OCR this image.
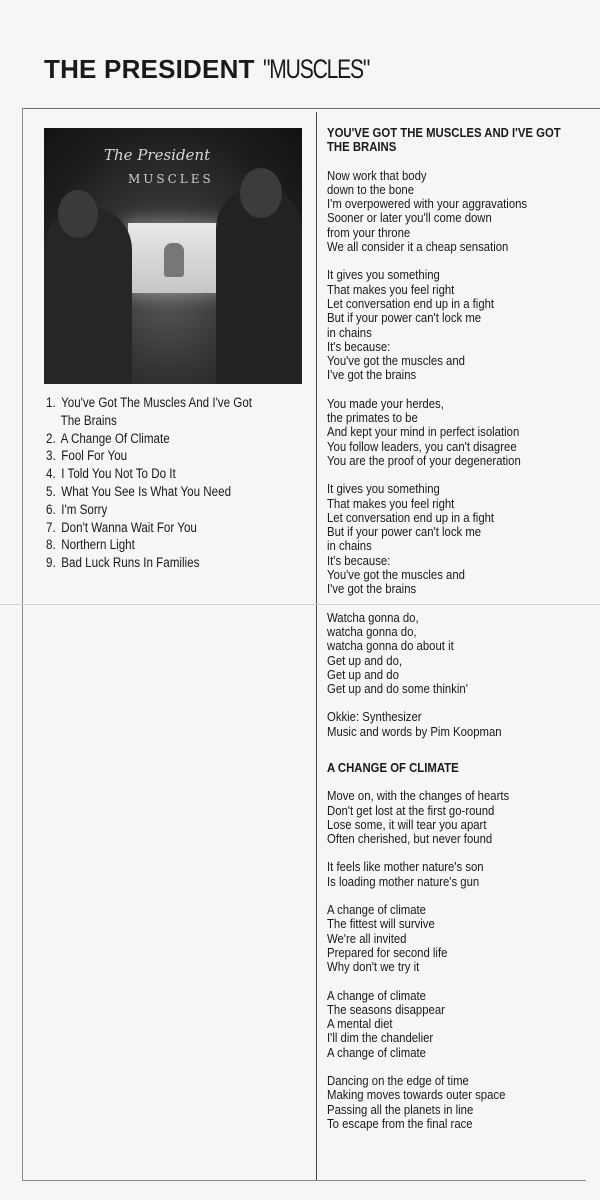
THE PRESIDENT "MUSCLES"
The President
MUSCLES
1. You've Got The Muscles And I've Got
The Brains
2. A Change Of Climate
3. Fool For You
4. I Told You Not To Do It
5. What You See Is What You Need
6. I'm Sorry
7. Don't Wanna Wait For You
8. Northern Light
9. Bad Luck Runs In Families
YOU'VE GOT THE MUSCLES AND I'VE GOT
THE BRAINS
Now work that body
down to the bone
I'm overpowered with your aggravations
Sooner or later you'll come down
from your throne
We all consider it a cheap sensation
It gives you something
That makes you feel right
Let conversation end up in a fight
But if your power can't lock me
in chains
It's because:
You've got the muscles and
I've got the brains
You made your herdes,
the primates to be
And kept your mind in perfect isolation
You follow leaders, you can't disagree
You are the proof of your degeneration
It gives you something
That makes you feel right
Let conversation end up in a fight
But if your power can't lock me
in chains
It's because:
You've got the muscles and
I've got the brains
Watcha gonna do,
watcha gonna do,
watcha gonna do about it
Get up and do,
Get up and do
Get up and do some thinkin'
Okkie: Synthesizer
Music and words by Pim Koopman
A CHANGE OF CLIMATE
Move on, with the changes of hearts
Don't get lost at the first go-round
Lose some, it will tear you apart
Often cherished, but never found
It feels like mother nature's son
Is loading mother nature's gun
A change of climate
The fittest will survive
We're all invited
Prepared for second life
Why don't we try it
A change of climate
The seasons disappear
A mental diet
I'll dim the chandelier
A change of climate
Dancing on the edge of time
Making moves towards outer space
Passing all the planets in line
To escape from the final race
